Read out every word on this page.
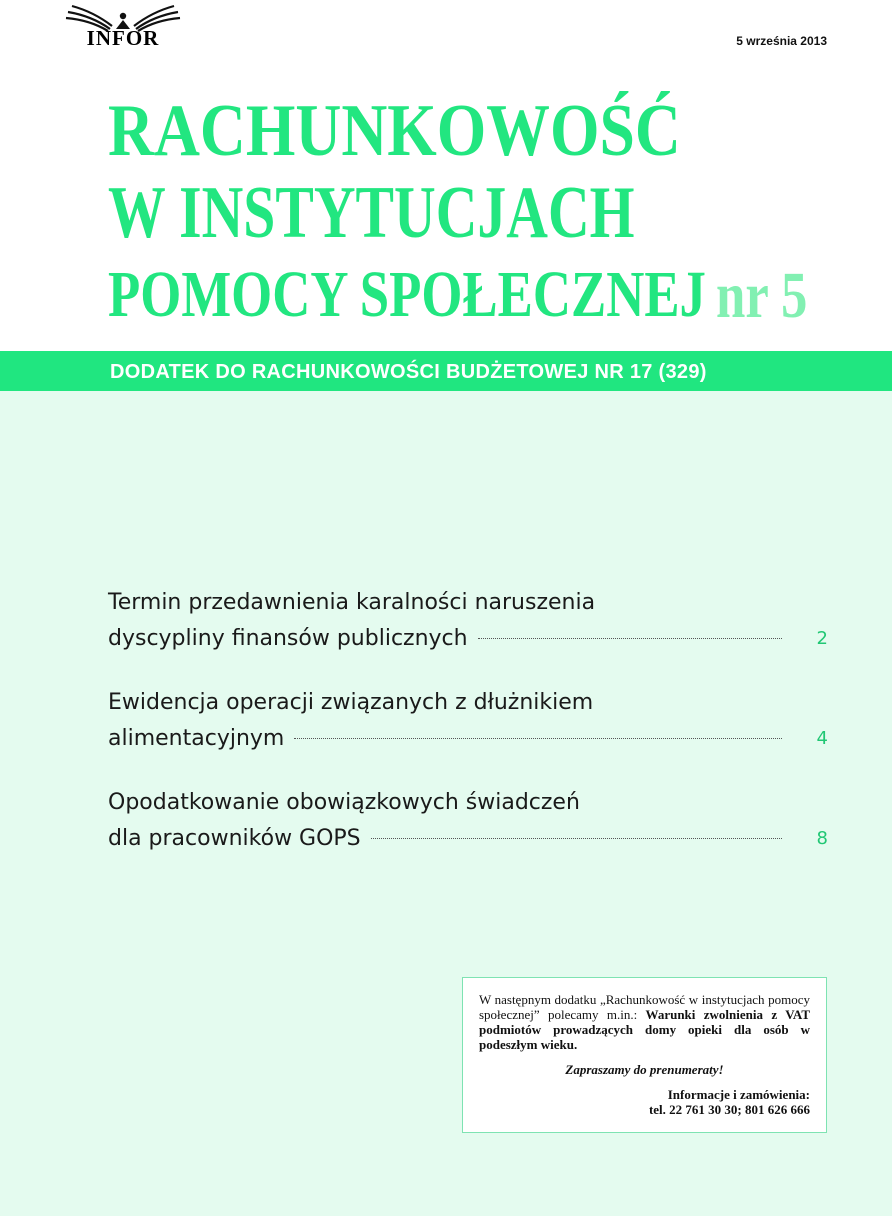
INFOR	5 września 2013
RACHUNKOWOŚĆ
W INSTYTUCJACH
POMOCY SPOŁECZNEJ nr 5
DODATEK DO RACHUNKOWOŚCI BUDŻETOWEJ NR 17 (329)
Termin przedawnienia karalności naruszenia
dyscypliny finansów publicznych	2
Ewidencja operacji związanych z dłużnikiem
alimentacyjnym	4
Opodatkowanie obowiązkowych świadczeń
dla pracowników GOPS	8

W następnym dodatku „Rachunkowość w instytucjach pomocy społecznej” polecamy m.in.: Warunki zwolnienia z VAT podmiotów prowadzących domy opieki dla osób w podeszłym wieku.

Zapraszamy do prenumeraty!

Informacje i zamówienia:
tel. 22 761 30 30; 801 626 666
